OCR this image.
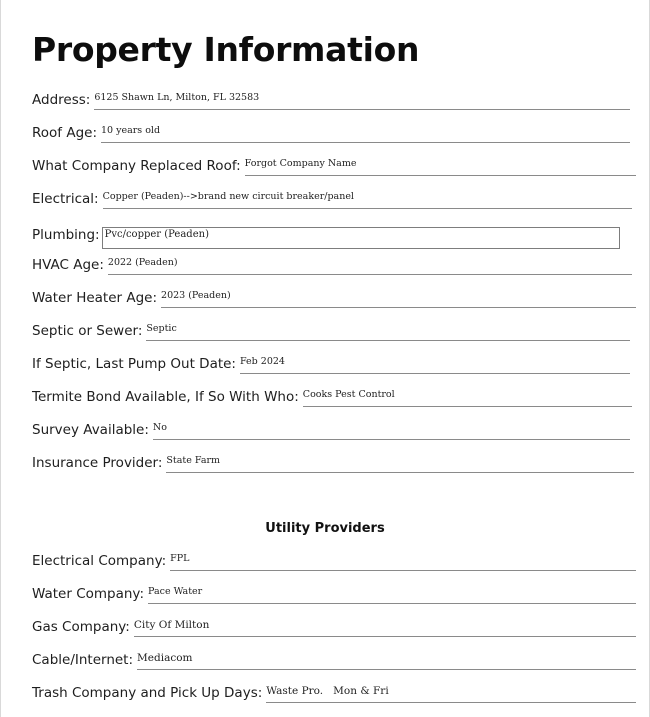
Property Information
Address: 6125 Shawn Ln, Milton, FL 32583
Roof Age: 10 years old
What Company Replaced Roof: Forgot Company Name
Electrical: Copper (Peaden)-->brand new circuit breaker/panel
Plumbing: Pvc/copper (Peaden)
HVAC Age: 2022 (Peaden)
Water Heater Age: 2023 (Peaden)
Septic or Sewer: Septic
If Septic, Last Pump Out Date: Feb 2024
Termite Bond Available, If So With Who: Cooks Pest Control
Survey Available: No
Insurance Provider: State Farm
Utility Providers
Electrical Company: FPL
Water Company: Pace Water
Gas Company: City Of Milton
Cable/Internet: Mediacom
Trash Company and Pick Up Days: Waste Pro.   Mon & Fri
